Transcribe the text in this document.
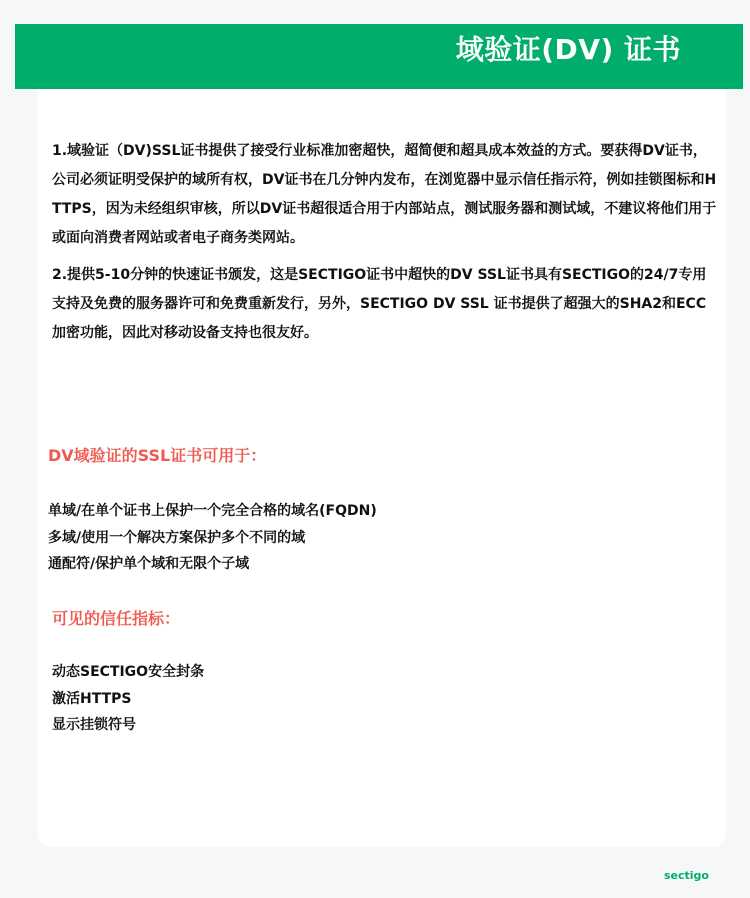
域验证(DV) 证书

1.域验证（DV)SSL证书提供了接受行业标准加密超快，超简便和超具成本效益的方式。要获得DV证书，公司必须证明受保护的域所有权，DV证书在几分钟内发布，在浏览器中显示信任指示符，例如挂锁图标和HTTPS，因为未经组织审核，所以DV证书超很适合用于内部站点，测试服务器和测试域，不建议将他们用于或面向消费者网站或者电子商务类网站。

2.提供5-10分钟的快速证书颁发，这是SECTIGO证书中超快的DV SSL证书具有SECTIGO的24/7专用支持及免费的服务器许可和免费重新发行，另外，SECTIGO DV SSL 证书提供了超强大的SHA2和ECC加密功能，因此对移动设备支持也很友好。

DV域验证的SSL证书可用于：
单域/在单个证书上保护一个完全合格的域名(FQDN)
多域/使用一个解决方案保护多个不同的域
通配符/保护单个域和无限个子域
可见的信任指标：
动态SECTIGO安全封条
激活HTTPS
显示挂锁符号
sectigo
